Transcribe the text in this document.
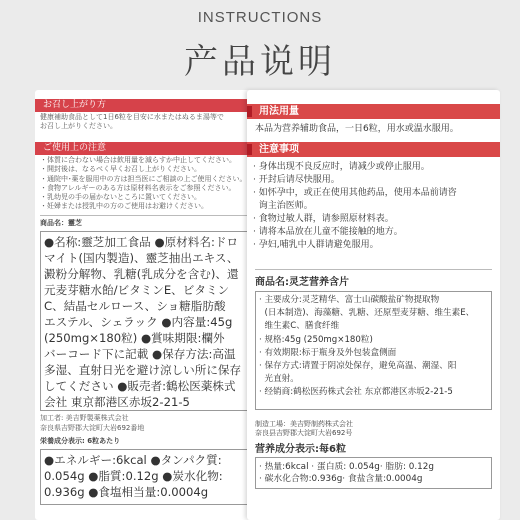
INSTRUCTIONS
产品说明
お召し上がり方
健康補助食品として1日6粒を目安に水またはぬるま湯等で
お召し上がりください。
ご使用上の注意
・体質に合わない場合は飲用量を減らすか中止してください。
・開封後は、なるべく早くお召し上がりください。
・通院中･薬を服用中の方は担当医にご相談の上ご使用ください。
・食物アレルギーのある方は原材料名表示をご参照ください。
・乳幼児の手の届かないところに置いてください。
・妊婦または授乳中の方のご使用はお避けください。
商品名：靈芝
●名称:靈芝加工食品 ●原材料名:ドロ
マイト(国内製造)、靈芝抽出エキス、
澱粉分解物、乳糖(乳成分を含む)、還
元麦芽糖水飴/ビタミンE、ビタミン
C、結晶セルロース、ショ糖脂肪酸
エステル、シェラック ●内容量:45g
(250mg×180粒) ●賞味期限:欄外
バーコード下に記載 ●保存方法:高温
多湿、直射日光を避け涼しい所に保存
してください ●販売者:鶴松医薬株式
会社 東京都港区赤坂2-21-5
加工者: 美吉野製薬株式会社
奈良県吉野郡大淀町大岩692番地
栄養成分表示: 6粒あたり
●エネルギー:6kcal ●タンパク質:
0.054g ●脂質:0.12g ●炭水化物:
0.936g ●食塩相当量:0.0004g
用法用量
本品为营养辅助食品，一日6粒，用水或温水服用。
注意事项
· 身体出现不良反应时，请减少或停止服用。
· 开封后请尽快服用。
· 如怀孕中，或正在使用其他药品，使用本品前请咨
询主治医师。
· 食物过敏人群，请参照原材料表。
· 请将本品放在儿童不能接触的地方。
· 孕妇,哺乳中人群请避免服用。
商品名:灵芝营养含片
· 主要成分:灵芝精华、富士山碳酸盐矿物提取物
(日本制造)、海藻糖、乳糖、还原型麦芽糖、维生素E、
维生素C、膳食纤维
· 规格:45g (250mg×180粒)
· 有效期限:标于瓶身及外包装盒侧面
· 保存方式:请置于阴凉处保存，避免高温、潮湿、阳
光直射。
· 经销商:鹤松医药株式会社 东京都港区赤坂2-21-5
制造工場：美吉野制药株式会社
奈良县吉野郡大淀町大岩692号
营养成分表示:每6粒
· 热量:6kcal · 蛋白质: 0.054g· 脂肪: 0.12g
· 碳水化合物:0.936g· 食盐含量:0.0004g
